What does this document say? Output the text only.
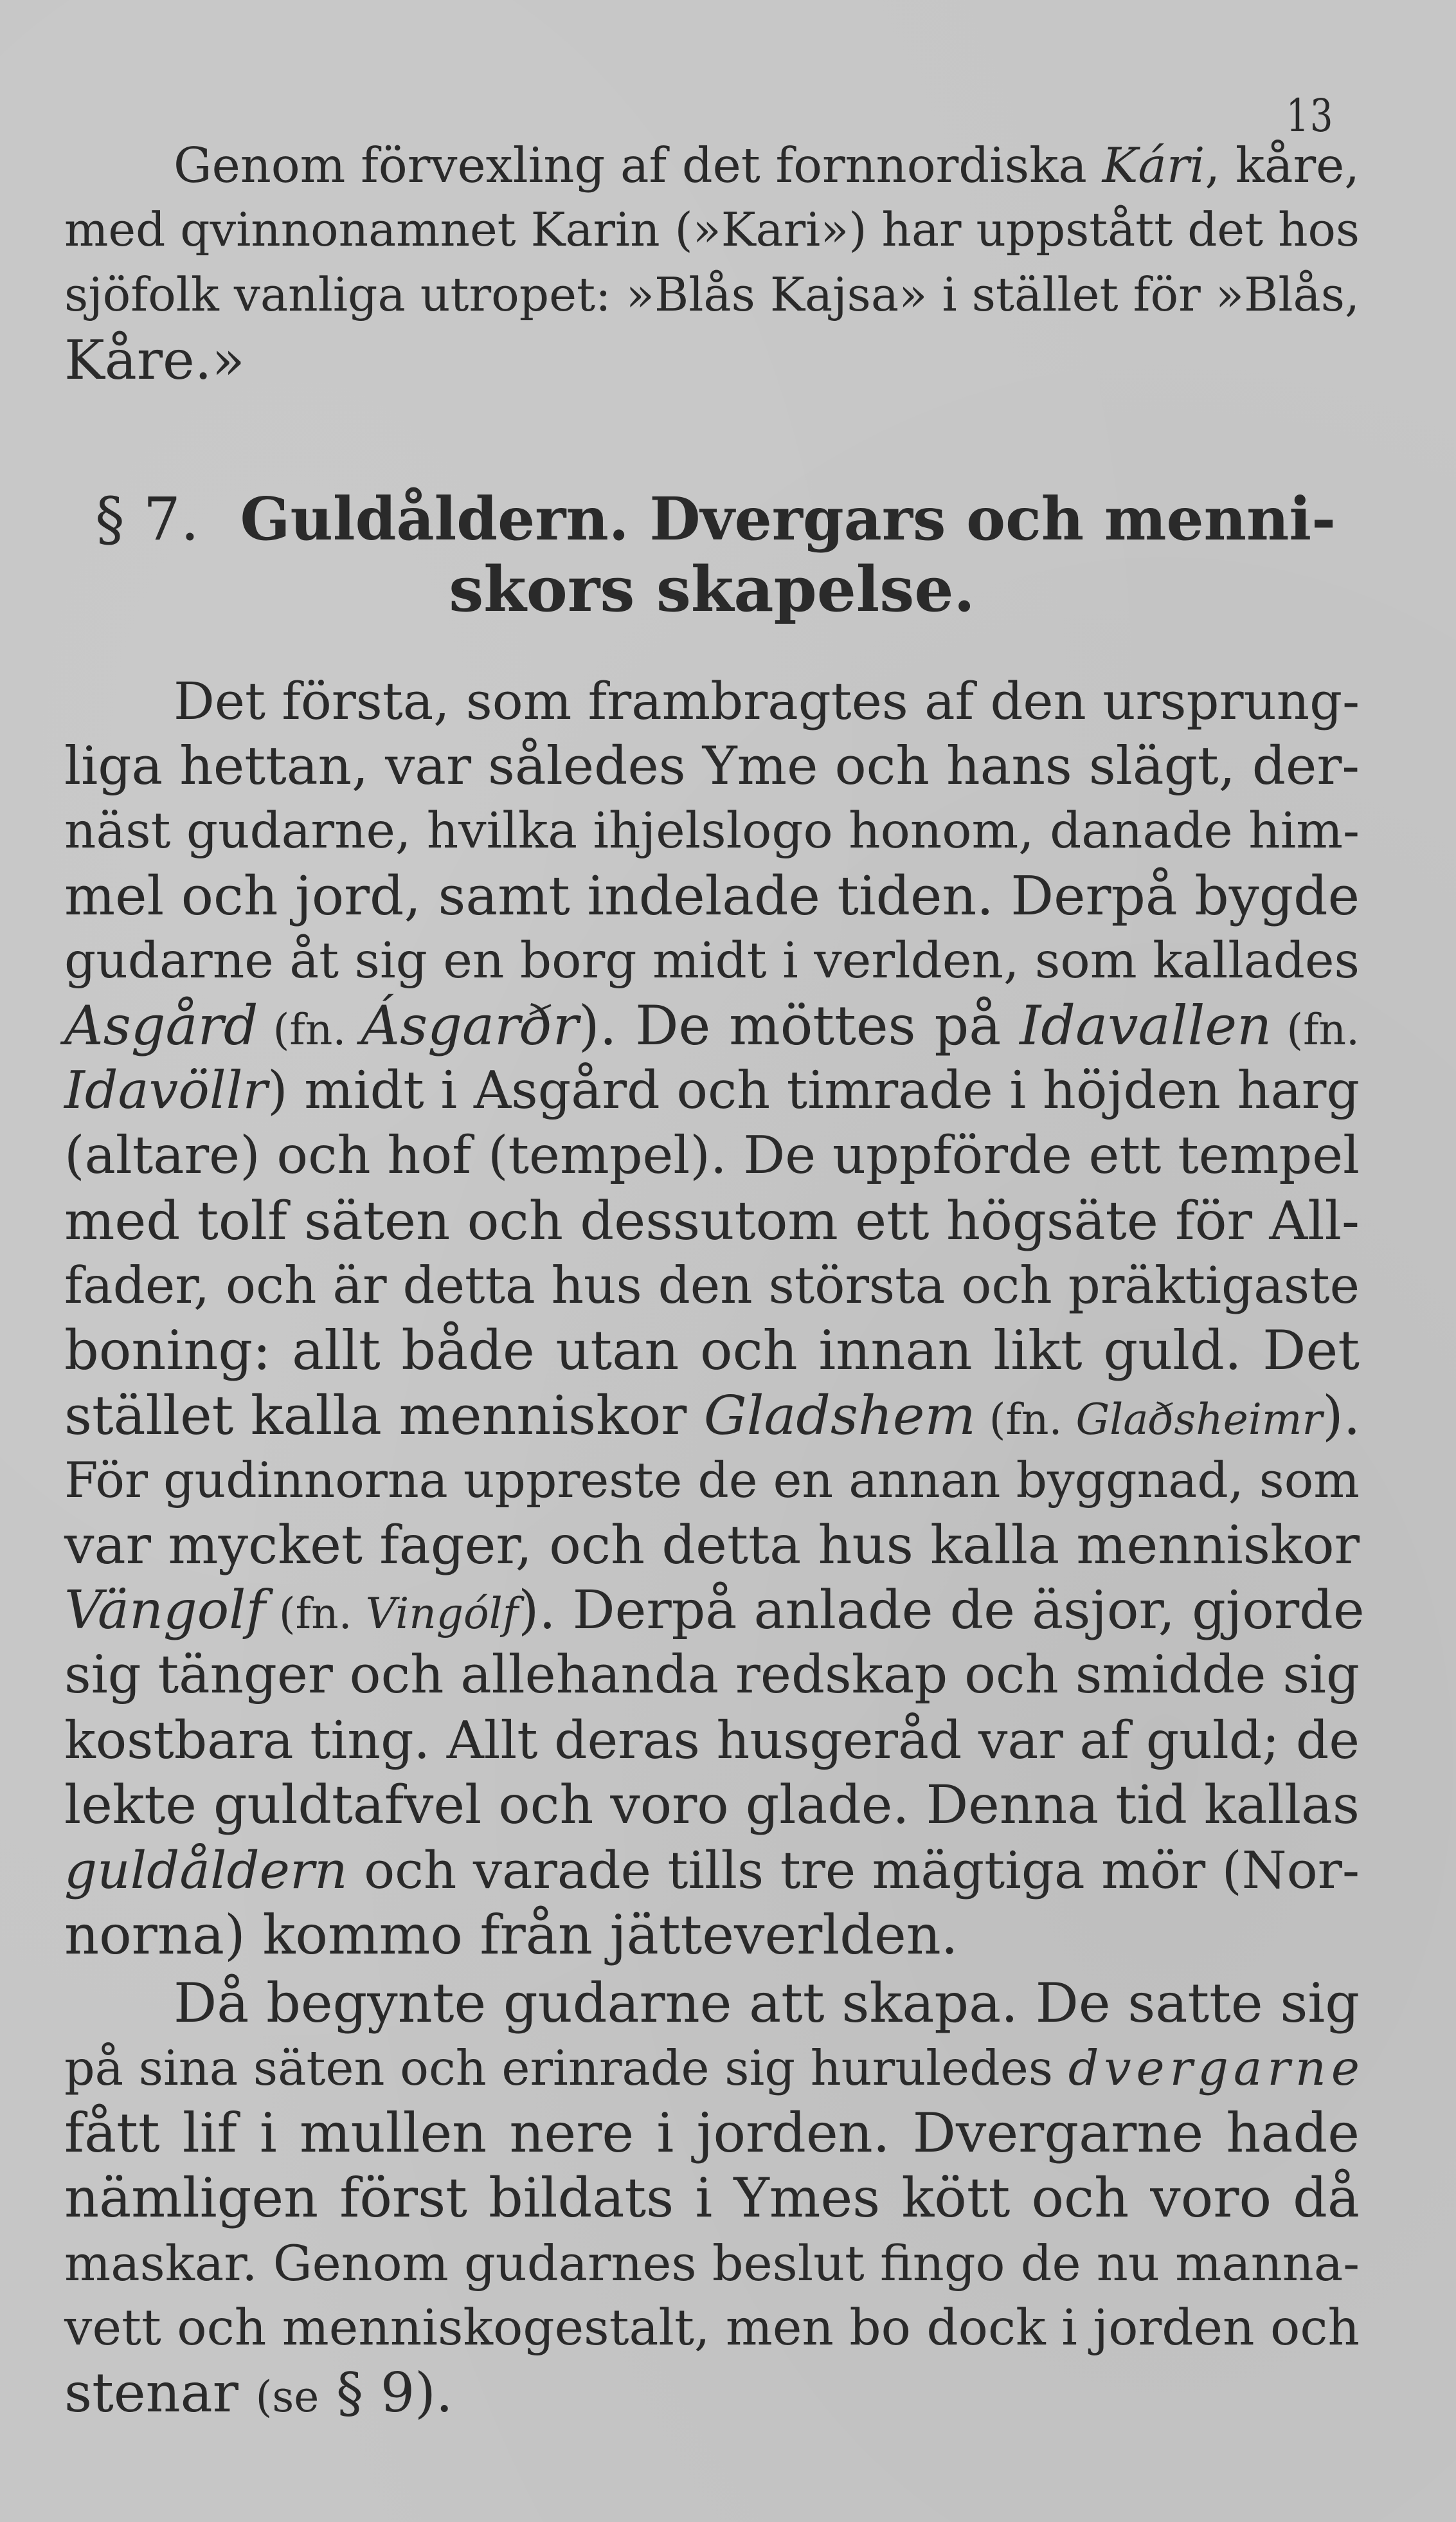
13
Genom förvexling af det fornnordiska Kári, kåre,
med qvinnonamnet Karin (»Kari») har uppstått det hos
sjöfolk vanliga utropet: »Blås Kajsa» i stället för »Blås,
Kåre.»
§ 7. Guldåldern. Dvergars och menni-
skors skapelse.
Det första, som frambragtes af den ursprung-
liga hettan, var således Yme och hans slägt, der-
näst gudarne, hvilka ihjelslogo honom, danade him-
mel och jord, samt indelade tiden. Derpå bygde
gudarne åt sig en borg midt i verlden, som kallades
Asgård (fn. Ásgarðr). De möttes på Idavallen (fn.
Idavöllr) midt i Asgård och timrade i höjden harg
(altare) och hof (tempel). De uppförde ett tempel
med tolf säten och dessutom ett högsäte för All-
fader, och är detta hus den största och präktigaste
boning: allt både utan och innan likt guld. Det
stället kalla menniskor Gladshem (fn. Glaðsheimr).
För gudinnorna uppreste de en annan byggnad, som
var mycket fager, och detta hus kalla menniskor
Vängolf (fn. Vingólf). Derpå anlade de äsjor, gjorde
sig tänger och allehanda redskap och smidde sig
kostbara ting. Allt deras husgeråd var af guld; de
lekte guldtafvel och voro glade. Denna tid kallas
guldåldern och varade tills tre mägtiga mör (Nor-
norna) kommo från jätteverlden.
Då begynte gudarne att skapa. De satte sig
på sina säten och erinrade sig huruledes dvergarne
fått lif i mullen nere i jorden. Dvergarne hade
nämligen först bildats i Ymes kött och voro då
maskar. Genom gudarnes beslut fingo de nu manna-
vett och menniskogestalt, men bo dock i jorden och
stenar (se § 9).
